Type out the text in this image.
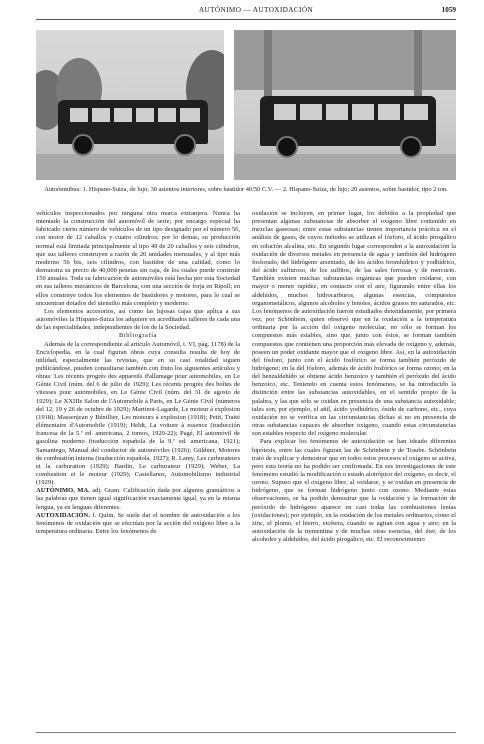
AUTÓNIMO — AUTOXIDACIÓN	1059
Autoómnibus: 1. Hispano-Suiza, de lujo; 30 asientos interiores, sobre bastidor 40/50 C.V. — 2. Hispano-Suiza, de lujo; 20 asientos, sobre bastidor, tipo 2 ton.

vehículos inspeccionados por ninguna otra marca extranjera. Nunca ha intentado la construcción del automóvil de serie; por encargo especial ha fabricado cierto número de vehículos de un tipo designado por el número 56, con motor de 12 caballos y cuatro cilindros; por lo demás, su producción normal está limitada principalmente al tipo 49 de 20 caballos y seis cilindros, que sus talleres construyen a razón de 20 unidades mensuales, y al tipo más moderno 56 bis, seis cilindros, con bastidor de una calidad, como lo demuestra su precio de 40,000 pesetas sin caja, de los cuales puede construir 150 anuales. Toda su fabricación de automóviles está hecha por esta Sociedad en sus talleres mecánicos de Barcelona, con una sección de forja en Ripoll; en ellos construye todos los elementos de bastidores y motores, para lo cual se encuentran dotados del utensilio más completo y moderno.

Los elementos accesorios, así como las lujosas cajas que aplica a sus automóviles la Hispano-Suiza los adquiere en acreditados talleres de cada una de las especialidades, independientes de los de la Sociedad.

Bibliografía

Además de la correspondiente al artículo Automóvil, t. VI, pág. 1178) de la Enciclopedia, en la cual figuran obras cuya consulta resulta de hoy de utilidad, especialmente las revistas, que en su casi totalidad siguen publicándose, pueden consultarse también con fruto los siguientes artículos y obras: Les récents progrès des appareils d'allumage pour automobiles, en Le Génie Civil (núm. del 6 de julio de 1929); Les récents progrès des boîtes de vitesses pour automobiles, en Le Génie Civil (núm. del 31 de agosto de 1929); Le XXIIIe Salon de l'Automobile à Paris, en Le Génie Civil (números del 12, 19 y 26 de octubre de 1929); Martinot-Lagarde, Le moteur à explosion (1918); Massenjean y Bénillier, Les moteurs à explosion (1918); Petit, Traité élémentaire d'Automobile (1919); Heldt, La voiture à essence (traducción francesa de la 5.ª ed. americana, 2 tomos, 1920-22); Pagé, El automóvil de gasolina moderno (traducción española de la 9.ª ed. americana, 1921); Samaniego, Manual del conductor de automóviles (1926); Güldner, Motores de combustión interna (traducción española, 1927); R. Lamy, Les carburateurs et la carburation (1929); Bardin, Le carburateur (1929); Weber, La combustion et le moteur (1929); Castellanos, Automobilismo industrial (1929).

AUTÓNIMO, MA. adj. Gram. Calificación dada por algunos gramáticos a las palabras que tienen igual significación exactamente igual, ya en la misma lengua, ya en lenguas diferentes.

AUTOXIDACIÓN. f. Quím. Se suele dar el nombre de autoxidación a los fenómenos de oxidación que se efectúan por la acción del oxígeno libre a la temperatura ordinaria. Entre los fenómenos de

oxidación se incluyen, en primer lugar, los debidos a la propiedad que presentan algunas substancias de absorber el oxígeno libre contenido en mezclas gaseosas; entre estas substancias tienen importancia práctica en el análisis de gases, de cuyos métodos se utilizan el fósforo, el ácido pirogálico en solución alcalina, etc. En segundo lugar corresponden a la autoxidación la oxidación de diversos metales en presencia de agua y también del hidrógeno fosforado, del hidrógeno arseniado, de los ácidos bromhídrico y yodhídrico, del ácido sulfuroso, de los sulfitos, de las sales ferrosas y de mercurio. También existen muchas substancias orgánicas que pueden oxidarse, con mayor o menor rapidez, en contacto con el aire, figurando entre ellas los aldehídos, muchos hidrocarburos, algunas esencias, compuestos organometálicos, algunos alcoholes y fenoles, ácidos grasos no saturados, etc. Los fenómenos de autoxidación fueron estudiados detenidamente, por primera vez, por Schönbein, quien observó que en la oxidación a la temperatura ordinaria por la acción del oxígeno molecular, no sólo se forman los compuestos más estables, sino que, junto con éstos, se forman también compuestos que contienen una proporción más elevada de oxígeno y, además, poseen un poder oxidante mayor que el oxígeno libre. Así, en la autoxidación del fósforo, junto con el ácido fosfórico se forma también peróxido de hidrógeno; en la del fósforo, además de ácido fosfórico se forma ozono; en la del benzaldehído se obtiene ácido benzoico y también el peróxido del ácido benzoico, etc. Teniendo en cuenta estos fenómenos, se ha introducido la distinción entre las substancias autoxidables, en el sentido propio de la palabra, y las que sólo se oxidan en presencia de una substancia autoxidable; tales son, por ejemplo, el añil, ácido yodhídrico, óxido de carbono, etc., cuya oxidación no se verifica en las circunstancias dichas si no en presencia de otras substancias capaces de absorber oxígeno, cuando estas circunstancias son estables respecto del oxígeno molecular.

Para explicar los fenómenos de autoxidación se han ideado diferentes hipótesis, entre las cuales figuran las de Schönbein y de Traube. Schönbein trató de explicar y demostrar que en todos estos procesos el oxígeno se activa, pero esta teoría no ha podido ser confirmada. En sus investigaciones de este fenómeno estudió la modificación o estado alotrópico del oxígeno, es decir, el ozono. Supuso que el oxígeno libre, al oxidarse, y se oxidan en presencia de hidrógeno, que se forman hidrógeno junto con ozono. Mediante estas observaciones, se ha podido demostrar que la oxidación y la formación de peróxido de hidrógeno aparece en casi todas las combustiones lentas (oxidaciones); por ejemplo, en la oxidación de los metales ordinarios, como el zinc, el plomo, el hierro, etcétera, cuando se agitan con agua y aire; en la autoxidación de la trementina y de muchas otras esencias, del éter, de los alcoholes y aldehídos, del ácido pirogálico, etc. El reconocimiento
